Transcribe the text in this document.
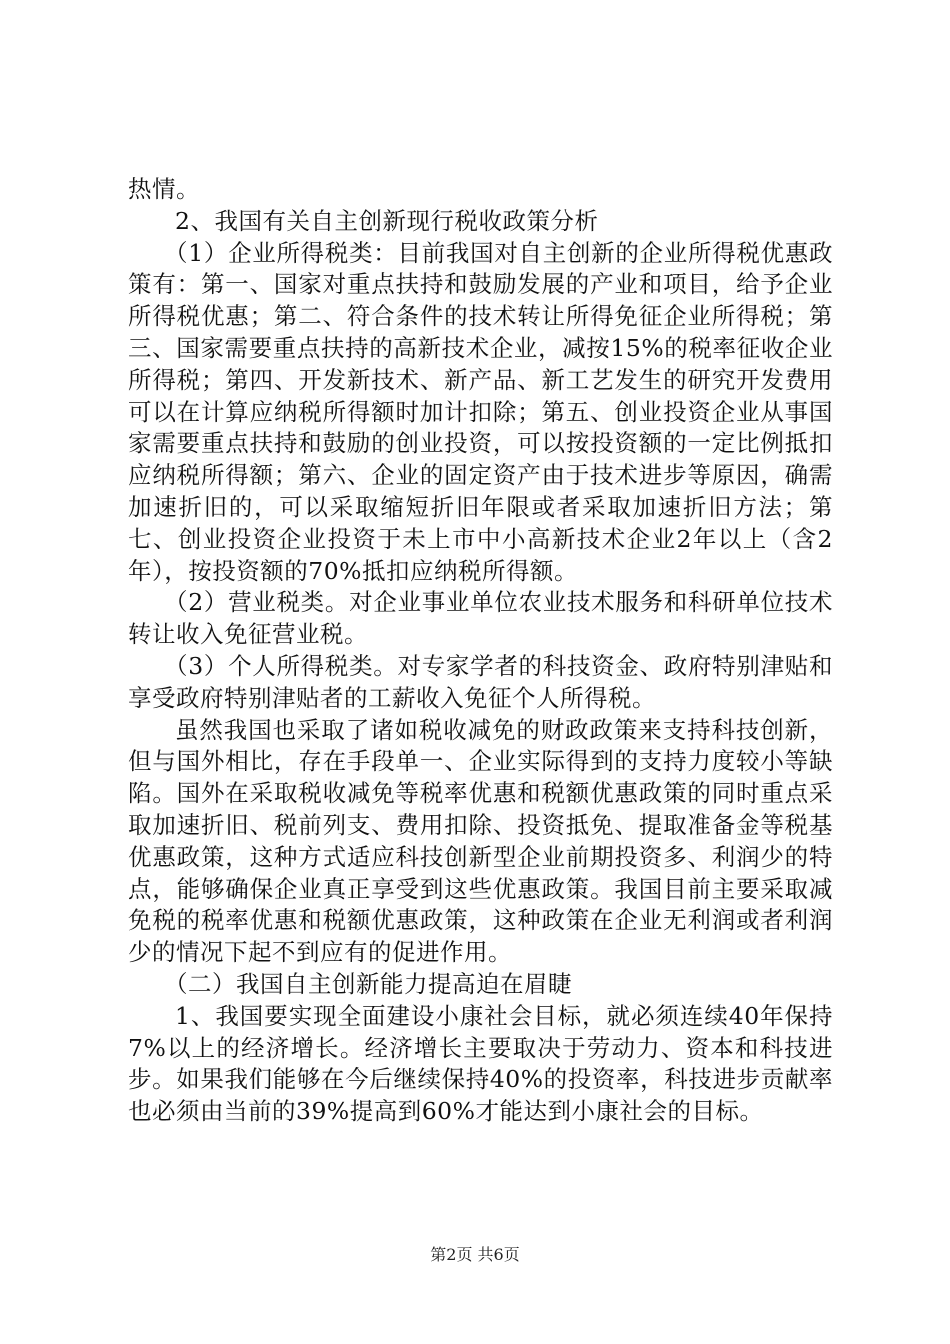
热情。

2、我国有关自主创新现行税收政策分析

（1）企业所得税类：目前我国对自主创新的企业所得税优惠政策有：第一、国家对重点扶持和鼓励发展的产业和项目，给予企业所得税优惠；第二、符合条件的技术转让所得免征企业所得税；第三、国家需要重点扶持的高新技术企业，减按15%的税率征收企业所得税；第四、开发新技术、新产品、新工艺发生的研究开发费用可以在计算应纳税所得额时加计扣除；第五、创业投资企业从事国家需要重点扶持和鼓励的创业投资，可以按投资额的一定比例抵扣应纳税所得额；第六、企业的固定资产由于技术进步等原因，确需加速折旧的，可以采取缩短折旧年限或者采取加速折旧方法；第七、创业投资企业投资于未上市中小高新技术企业2年以上（含2年），按投资额的70%抵扣应纳税所得额。

（2）营业税类。对企业事业单位农业技术服务和科研单位技术转让收入免征营业税。

（3）个人所得税类。对专家学者的科技资金、政府特别津贴和享受政府特别津贴者的工薪收入免征个人所得税。

虽然我国也采取了诸如税收减免的财政政策来支持科技创新，但与国外相比，存在手段单一、企业实际得到的支持力度较小等缺陷。国外在采取税收减免等税率优惠和税额优惠政策的同时重点采取加速折旧、税前列支、费用扣除、投资抵免、提取准备金等税基优惠政策，这种方式适应科技创新型企业前期投资多、利润少的特点，能够确保企业真正享受到这些优惠政策。我国目前主要采取减免税的税率优惠和税额优惠政策，这种政策在企业无利润或者利润少的情况下起不到应有的促进作用。

（二）我国自主创新能力提高迫在眉睫

1、我国要实现全面建设小康社会目标，就必须连续40年保持7%以上的经济增长。经济增长主要取决于劳动力、资本和科技进步。如果我们能够在今后继续保持40%的投资率，科技进步贡献率也必须由当前的39%提高到60%才能达到小康社会的目标。

第2页 共6页
